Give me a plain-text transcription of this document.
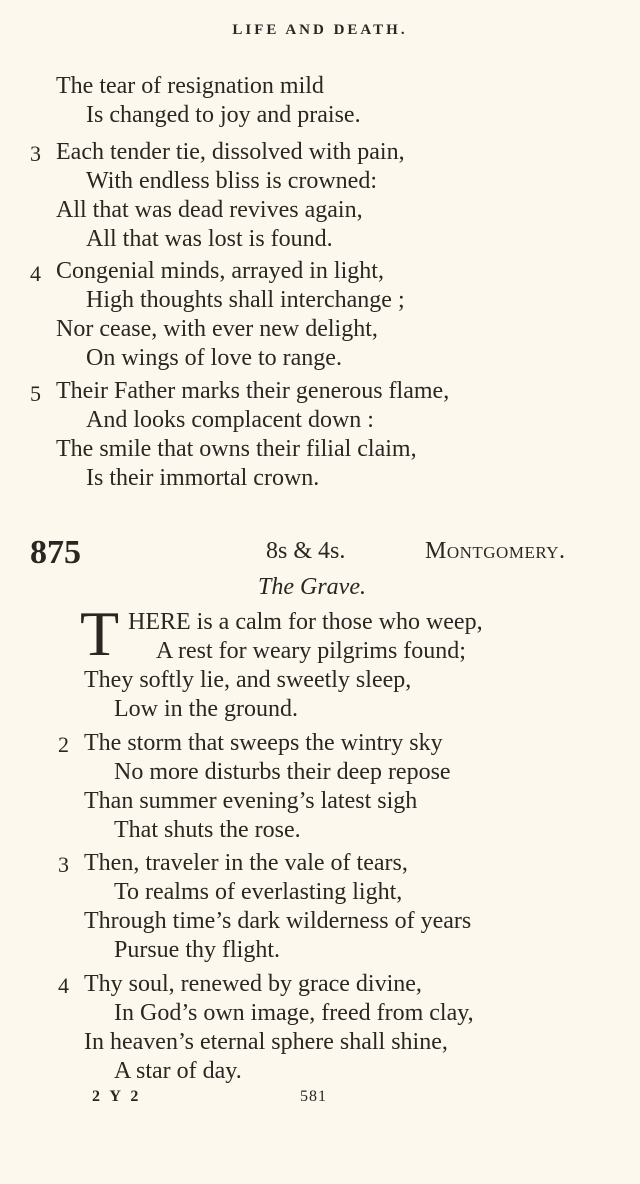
LIFE AND DEATH.
The tear of resignation mild
Is changed to joy and praise.
3 Each tender tie, dissolved with pain,
With endless bliss is crowned:
All that was dead revives again,
All that was lost is found.
4 Congenial minds, arrayed in light,
High thoughts shall interchange ;
Nor cease, with ever new delight,
On wings of love to range.
5 Their Father marks their generous flame,
And looks complacent down :
The smile that owns their filial claim,
Is their immortal crown.
875	8s & 4s.	Montgomery.
The Grave.
T HERE is a calm for those who weep,
A rest for weary pilgrims found;
They softly lie, and sweetly sleep,
Low in the ground.
2 The storm that sweeps the wintry sky
No more disturbs their deep repose
Than summer evening’s latest sigh
That shuts the rose.
3 Then, traveler in the vale of tears,
To realms of everlasting light,
Through time’s dark wilderness of years
Pursue thy flight.
4 Thy soul, renewed by grace divine,
In God’s own image, freed from clay,
In heaven’s eternal sphere shall shine,
A star of day.
2 Y 2	581
